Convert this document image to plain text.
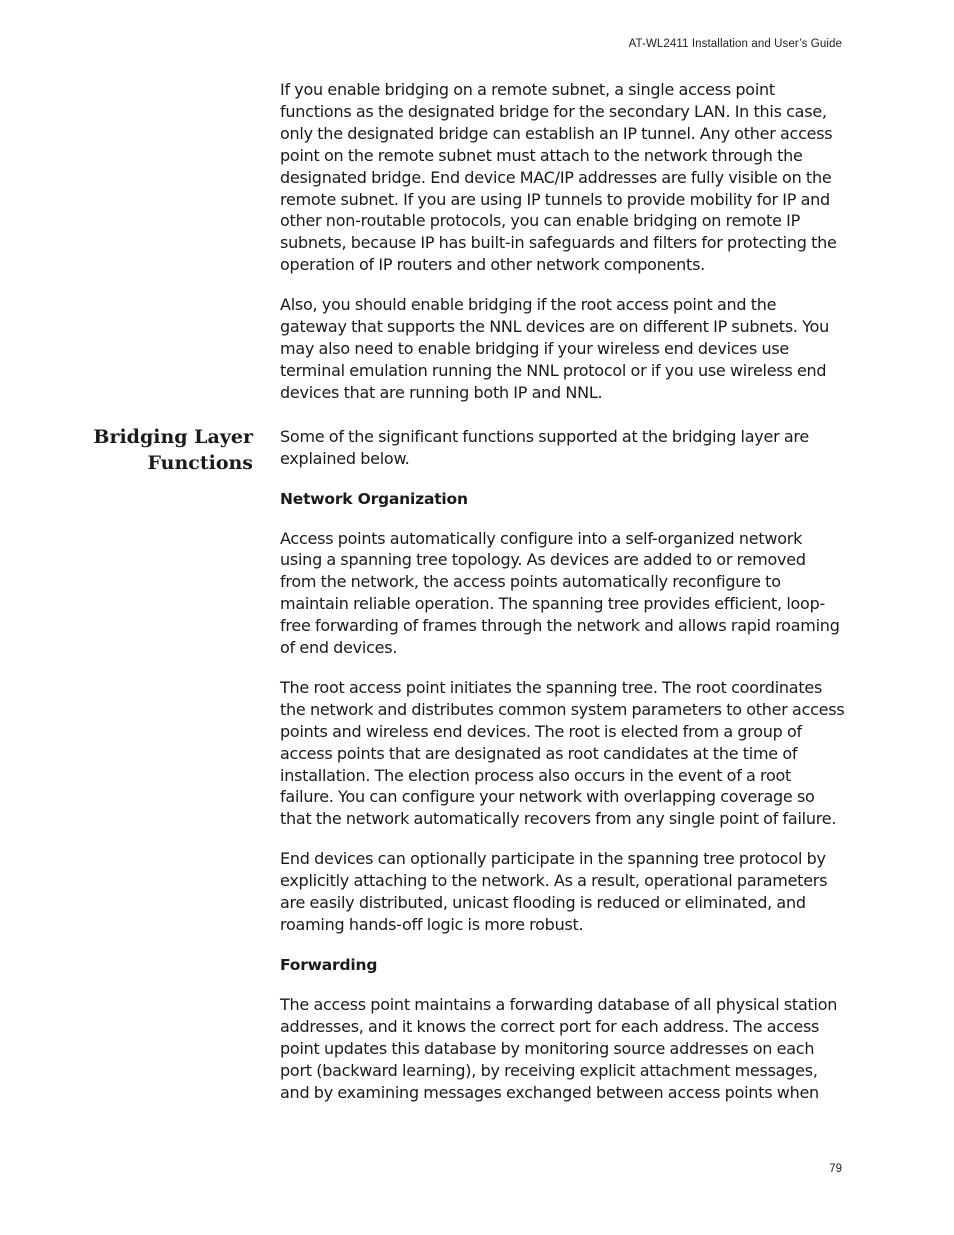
AT-WL2411 Installation and User’s Guide
Bridging Layer
Functions

If you enable bridging on a remote subnet, a single access point functions as the designated bridge for the secondary LAN. In this case, only the designated bridge can establish an IP tunnel. Any other access point on the remote subnet must attach to the network through the designated bridge. End device MAC/IP addresses are fully visible on the remote subnet. If you are using IP tunnels to provide mobility for IP and other non-routable protocols, you can enable bridging on remote IP subnets, because IP has built-in safeguards and filters for protecting the operation of IP routers and other network components.

Also, you should enable bridging if the root access point and the gateway that supports the NNL devices are on different IP subnets. You may also need to enable bridging if your wireless end devices use terminal emulation running the NNL protocol or if you use wireless end devices that are running both IP and NNL.

Some of the significant functions supported at the bridging layer are explained below.

Network Organization

Access points automatically configure into a self-organized network using a spanning tree topology. As devices are added to or removed from the network, the access points automatically reconfigure to maintain reliable operation. The spanning tree provides efficient, loop-free forwarding of frames through the network and allows rapid roaming of end devices.

The root access point initiates the spanning tree. The root coordinates the network and distributes common system parameters to other access points and wireless end devices. The root is elected from a group of access points that are designated as root candidates at the time of installation. The election process also occurs in the event of a root failure. You can configure your network with overlapping coverage so that the network automatically recovers from any single point of failure.

End devices can optionally participate in the spanning tree protocol by explicitly attaching to the network. As a result, operational parameters are easily distributed, unicast flooding is reduced or eliminated, and roaming hands-off logic is more robust.

Forwarding

The access point maintains a forwarding database of all physical station addresses, and it knows the correct port for each address. The access point updates this database by monitoring source addresses on each port (backward learning), by receiving explicit attachment messages, and by examining messages exchanged between access points when

79
